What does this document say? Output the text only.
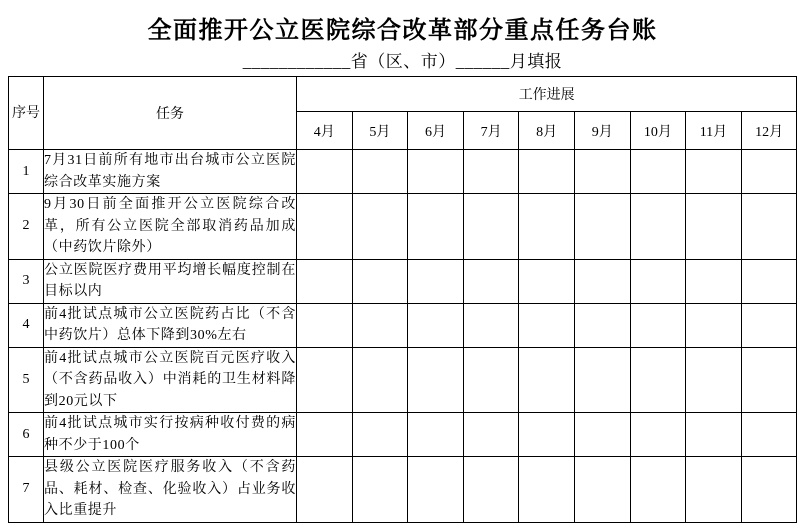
全面推开公立医院综合改革部分重点任务台账
____________省（区、市）______月填报
序号	任务	工作进展								
		4月	5月	6月	7月	8月	9月	10月	11月	12月
1	7月31日前所有地市出台城市公立医院综合改革实施方案									
2	9月30日前全面推开公立医院综合改革，所有公立医院全部取消药品加成（中药饮片除外）									
3	公立医院医疗费用平均增长幅度控制在目标以内									
4	前4批试点城市公立医院药占比（不含中药饮片）总体下降到30%左右									
5	前4批试点城市公立医院百元医疗收入（不含药品收入）中消耗的卫生材料降到20元以下									
6	前4批试点城市实行按病种收付费的病种不少于100个									
7	县级公立医院医疗服务收入（不含药品、耗材、检查、化验收入）占业务收入比重提升									
